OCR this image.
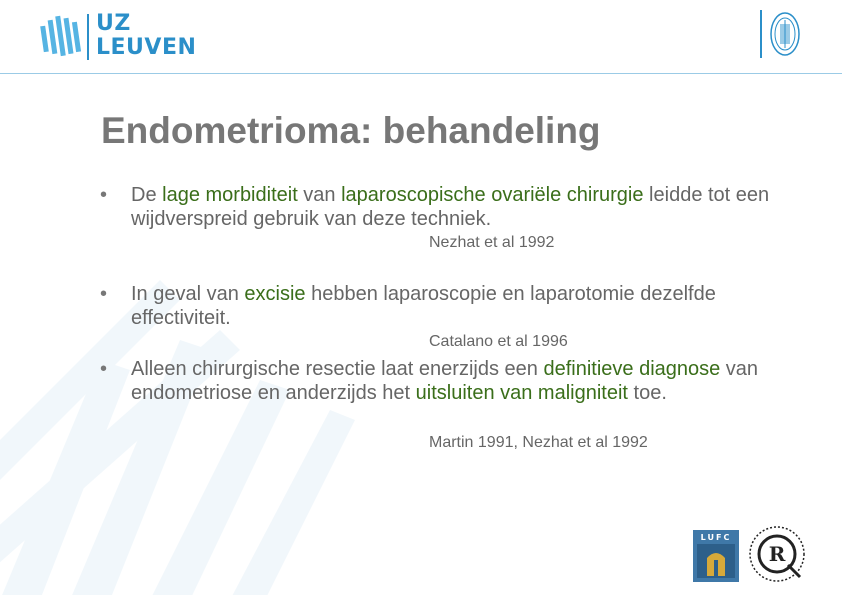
UZ
LEUVEN
Endometrioma: behandeling
• De lage morbiditeit van laparoscopische ovariële chirurgie leidde tot een wijdverspreid gebruik van deze techniek.
Nezhat et al 1992
• In geval van excisie hebben laparoscopie en laparotomie dezelfde effectiviteit.
Catalano et al 1996
• Alleen chirurgische resectie laat enerzijds een definitieve diagnose van endometriose en anderzijds het uitsluiten van maligniteit toe.
Martin 1991, Nezhat et al 1992
LUFC
R
